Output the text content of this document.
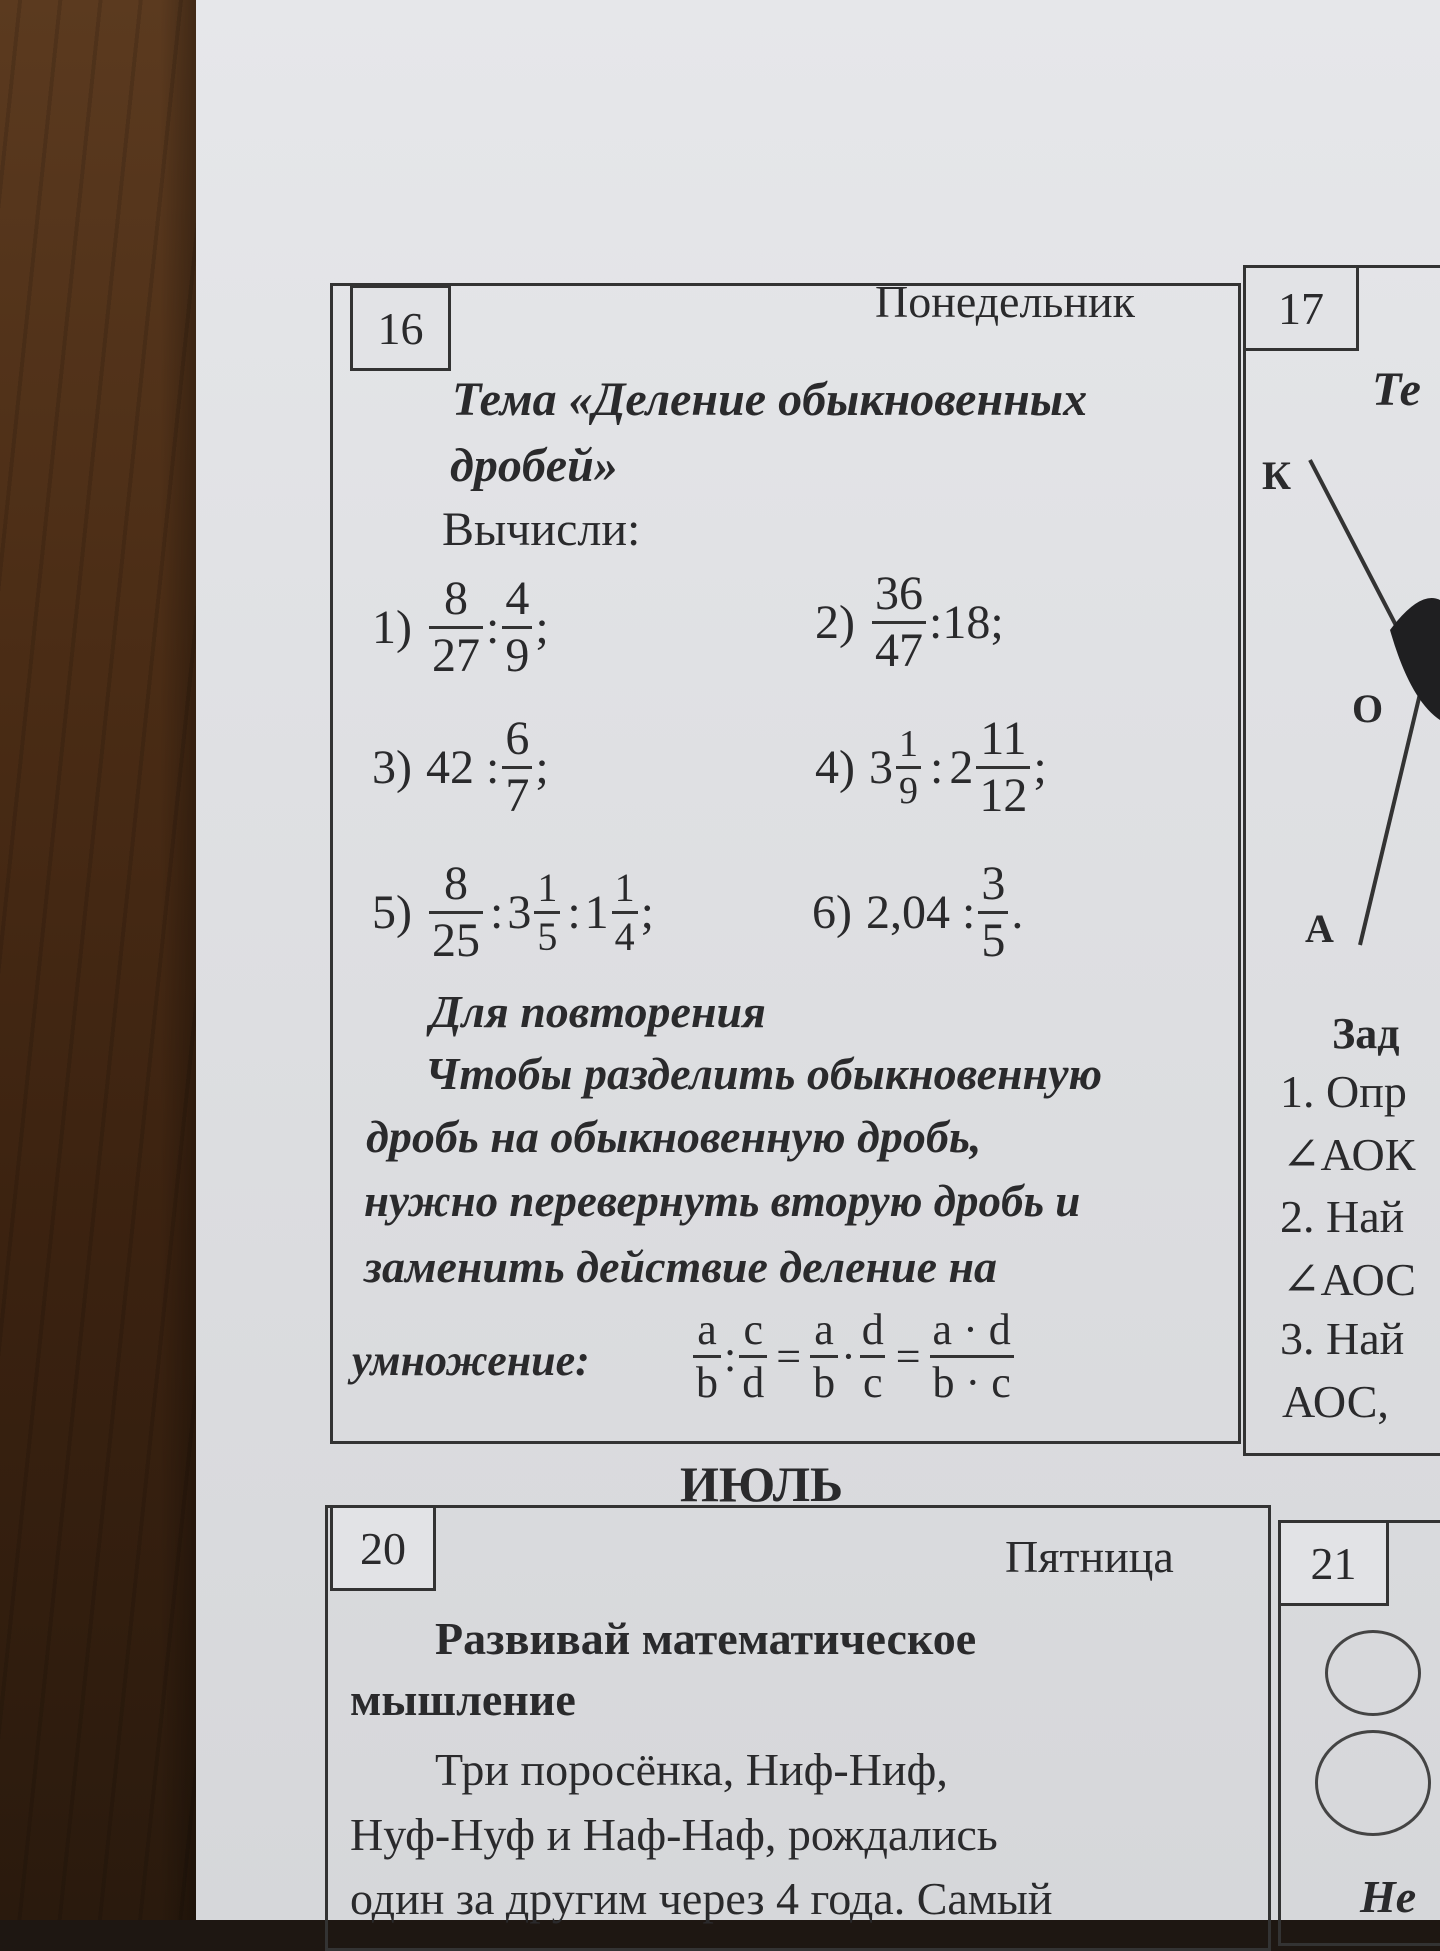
16
Понедельник
Тема «Деление обыкновенных
дробей»
Вычисли:
$1) \frac{8}{27}$ : $\frac{4}{9}$ ;	$2) \frac{36}{47}$ :18;
3) 42 : $\frac{6}{7}$ ;	4) $3 \frac{1}{9}$ : $2 \frac{11}{12}$ ;
$5) \frac{8}{25}$ : $3 \frac{1}{5}$ : $1 \frac{1}{4}$ ;	6) 2,04 : $\frac{3}{5}$ .
Для повторения
Чтобы разделить обыкновенную
дробь на обыкновенную дробь,
нужно перевернуть вторую дробь и
заменить действие деление на
умножение: $\frac{a}{b}$ : $\frac{c}{d} = \frac{a}{b} \cdot \frac{d}{c} = \frac{a \cdot d}{b \cdot c}$
17
Те
К
О
А
Зад
1. Опр
∠АОК
2. Най
∠АОС
3. Най
АОС,
ИЮЛЬ
20	Пятница
Развивай математическое
мышление
Три поросёнка, Ниф-Ниф,
Нуф-Нуф и Наф-Наф, рождались
один за другим через 4 года. Самый
21
Не
